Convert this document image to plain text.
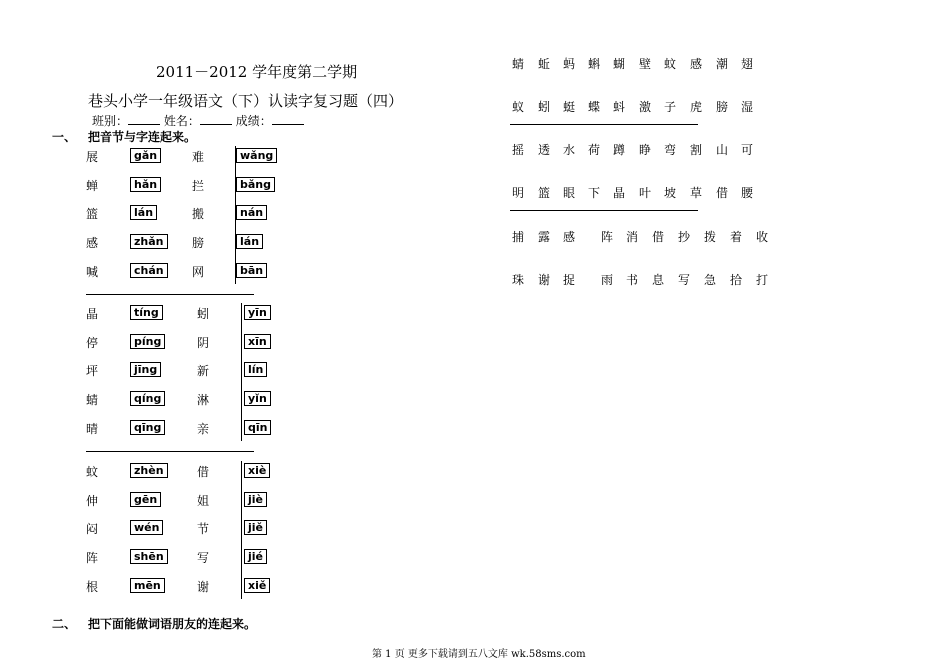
2011－2012 学年度第二学期
巷头小学一年级语文（下）认读字复习题（四）
班别：	姓名：	成绩：
一、 把音节与字连起来。
展	gǎn	难	wǎng
蝉	hǎn	拦	bǎng
篮	lán	搬	nán
感	zhǎn	膀	lán
喊	chán	网	bān
晶	tíng	蚓	yīn
停	píng	阴	xīn
坪	jīng	新	lín
蜻	qíng	淋	yǐn
晴	qīng	亲	qīn
蚊	zhèn	借	xiè
伸	gēn	姐	jiè
闷	wén	节	jiě
阵	shēn	写	jié
根	mēn	谢	xiě
二、 把下面能做词语朋友的连起来。
蜻 蚯 蚂 蝌 蝴 壁 蚊 感 潮 翅
蚁 蚓 蜓 蝶 蚪 激 子 虎 膀 湿
摇 透 水 荷 蹲 睁 弯 割 山 可
明 篮 眼 下 晶 叶 坡 草 借 腰
捕 露 感 阵 消 借 抄 拨 着 收
珠 谢 捉 雨 书 息 写 急 拾 打
第 1 页 更多下载请到五八文库 wk.58sms.com
